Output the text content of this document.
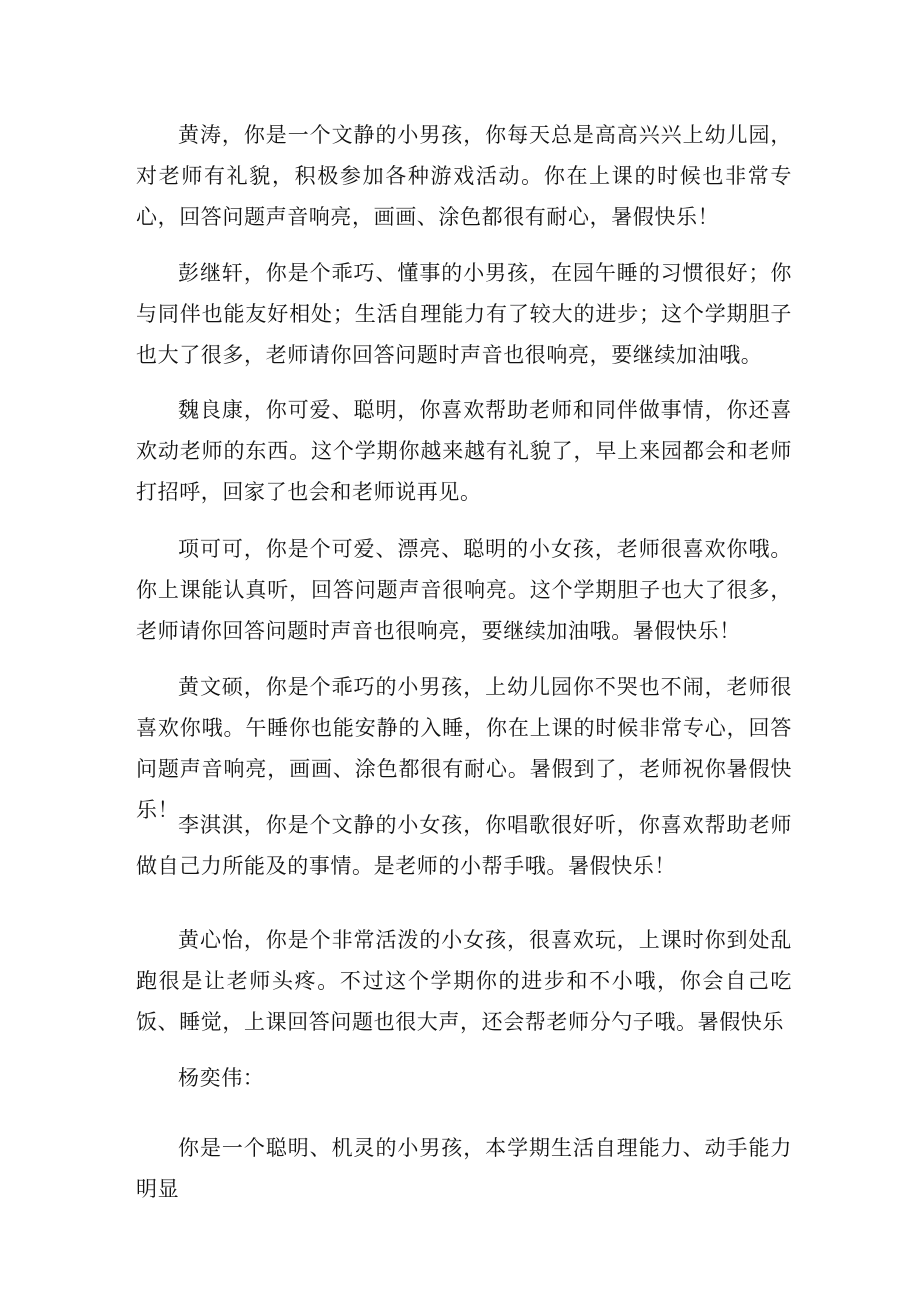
黄涛，你是一个文静的小男孩，你每天总是高高兴兴上幼儿园，对老师有礼貌，积极参加各种游戏活动。你在上课的时候也非常专心，回答问题声音响亮，画画、涂色都很有耐心，暑假快乐！

彭继轩，你是个乖巧、懂事的小男孩，在园午睡的习惯很好；你与同伴也能友好相处；生活自理能力有了较大的进步；这个学期胆子也大了很多，老师请你回答问题时声音也很响亮，要继续加油哦。

魏良康，你可爱、聪明，你喜欢帮助老师和同伴做事情，你还喜欢动老师的东西。这个学期你越来越有礼貌了，早上来园都会和老师打招呼，回家了也会和老师说再见。

项可可，你是个可爱、漂亮、聪明的小女孩，老师很喜欢你哦。你上课能认真听，回答问题声音很响亮。这个学期胆子也大了很多，老师请你回答问题时声音也很响亮，要继续加油哦。暑假快乐！

黄文硕，你是个乖巧的小男孩，上幼儿园你不哭也不闹，老师很喜欢你哦。午睡你也能安静的入睡，你在上课的时候非常专心，回答问题声音响亮，画画、涂色都很有耐心。暑假到了，老师祝你暑假快乐！

李淇淇，你是个文静的小女孩，你唱歌很好听，你喜欢帮助老师做自己力所能及的事情。是老师的小帮手哦。暑假快乐！

黄心怡，你是个非常活泼的小女孩，很喜欢玩，上课时你到处乱跑很是让老师头疼。不过这个学期你的进步和不小哦，你会自己吃饭、睡觉，上课回答问题也很大声，还会帮老师分勺子哦。暑假快乐

杨奕伟：

你是一个聪明、机灵的小男孩，本学期生活自理能力、动手能力明显
